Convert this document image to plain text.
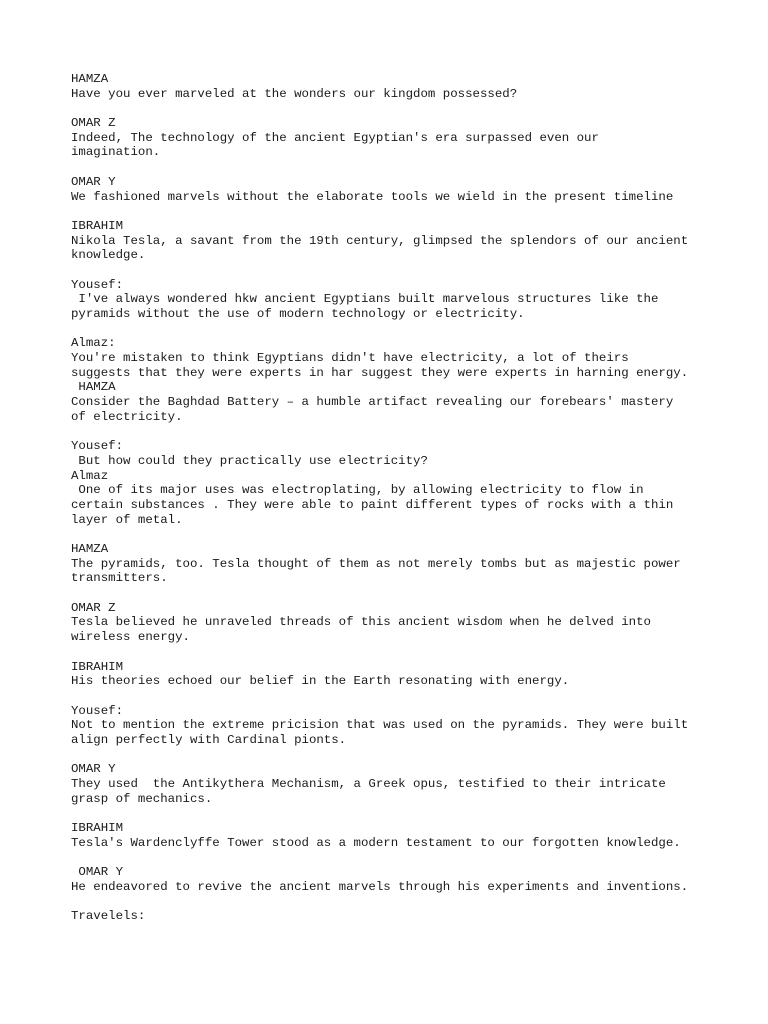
HAMZA
Have you ever marveled at the wonders our kingdom possessed?
OMAR Z
Indeed, The technology of the ancient Egyptian's era surpassed even our
imagination.
OMAR Y
We fashioned marvels without the elaborate tools we wield in the present timeline
IBRAHIM
Nikola Tesla, a savant from the 19th century, glimpsed the splendors of our ancient
knowledge.
Yousef:
I've always wondered hkw ancient Egyptians built marvelous structures like the
pyramids without the use of modern technology or electricity.
Almaz:
You're mistaken to think Egyptians didn't have electricity, a lot of theirs
suggests that they were experts in har suggest they were experts in harning energy.
HAMZA
Consider the Baghdad Battery – a humble artifact revealing our forebears' mastery
of electricity.
Yousef:
But how could they practically use electricity?
Almaz
One of its major uses was electroplating, by allowing electricity to flow in
certain substances . They were able to paint different types of rocks with a thin
layer of metal.
HAMZA
The pyramids, too. Tesla thought of them as not merely tombs but as majestic power
transmitters.
OMAR Z
Tesla believed he unraveled threads of this ancient wisdom when he delved into
wireless energy.
IBRAHIM
His theories echoed our belief in the Earth resonating with energy.
Yousef:
Not to mention the extreme pricision that was used on the pyramids. They were built
align perfectly with Cardinal pionts.
OMAR Y
They used  the Antikythera Mechanism, a Greek opus, testified to their intricate
grasp of mechanics.
IBRAHIM
Tesla's Wardenclyffe Tower stood as a modern testament to our forgotten knowledge.
OMAR Y
He endeavored to revive the ancient marvels through his experiments and inventions.
Travelels:
